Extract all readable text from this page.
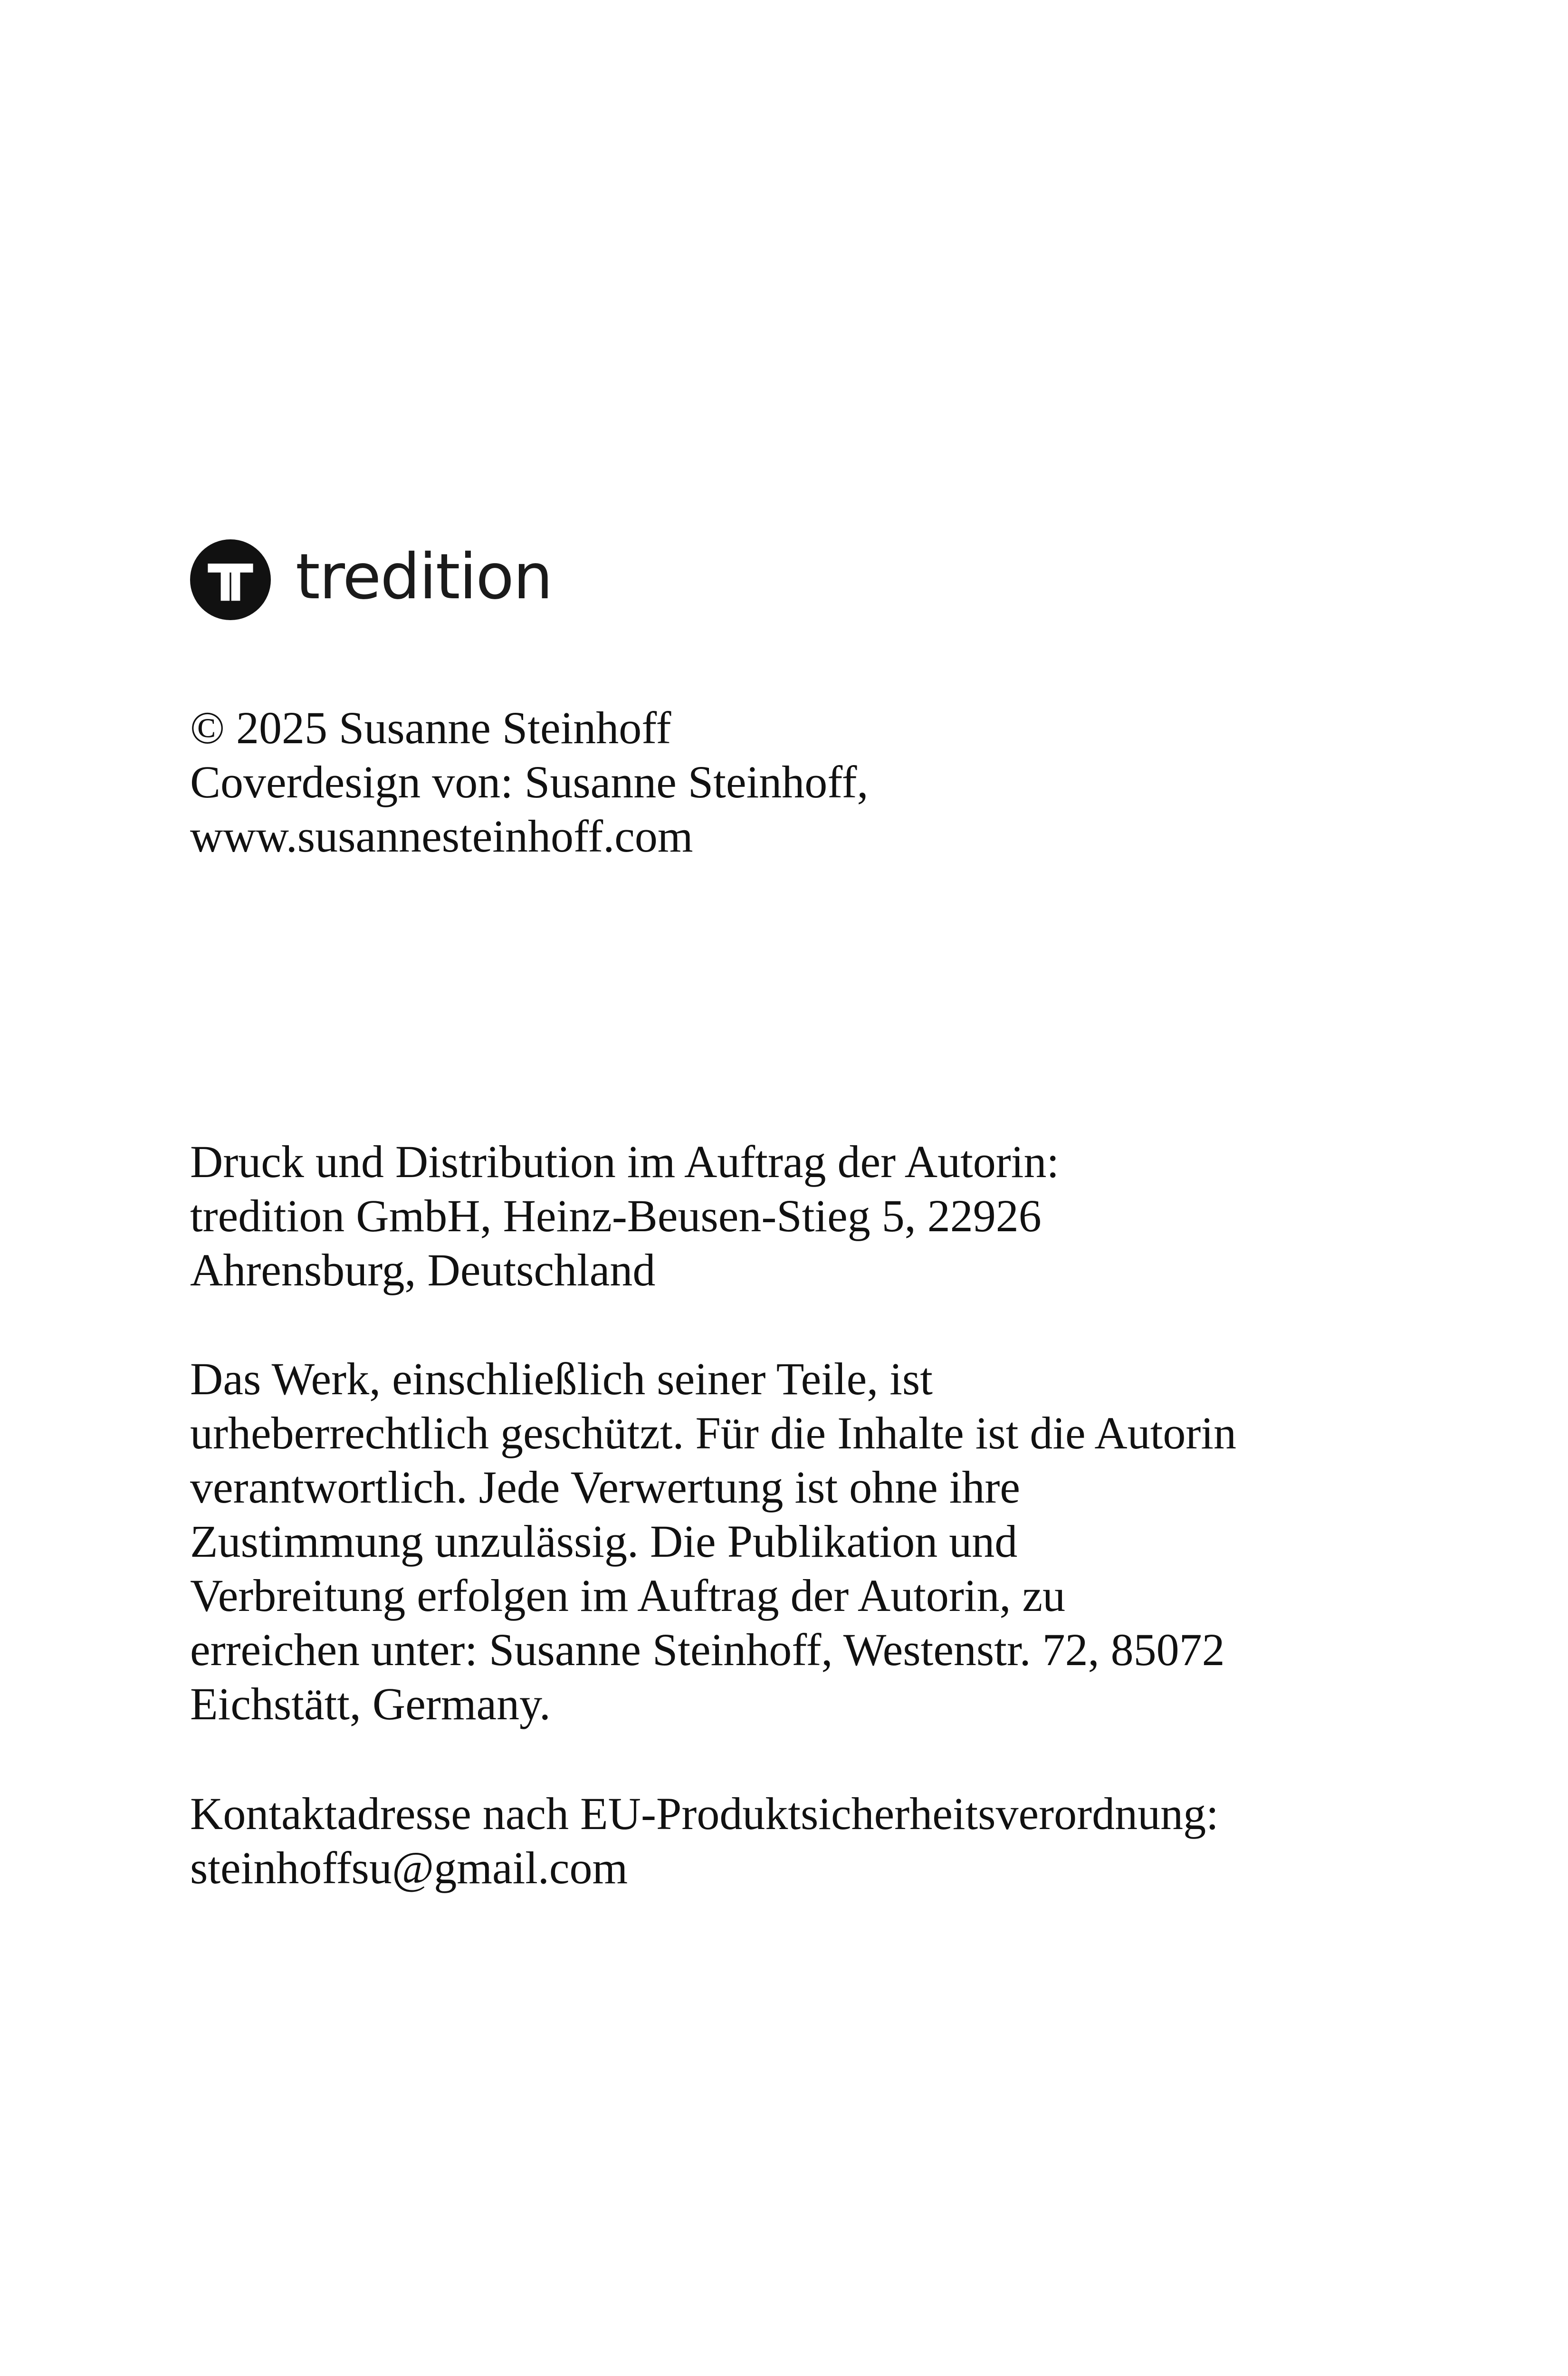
tredition
© 2025 Susanne Steinhoff
Coverdesign von: Susanne Steinhoff,
www.susannesteinhoff.com
Druck und Distribution im Auftrag der Autorin:
tredition GmbH, Heinz-Beusen-Stieg 5, 22926
Ahrensburg, Deutschland
Das Werk, einschließlich seiner Teile, ist
urheberrechtlich geschützt. Für die Inhalte ist die Autorin
verantwortlich. Jede Verwertung ist ohne ihre
Zustimmung unzulässig. Die Publikation und
Verbreitung erfolgen im Auftrag der Autorin, zu
erreichen unter: Susanne Steinhoff, Westenstr. 72, 85072
Eichstätt, Germany.
Kontaktadresse nach EU-Produktsicherheitsverordnung:
steinhoffsu@gmail.com
